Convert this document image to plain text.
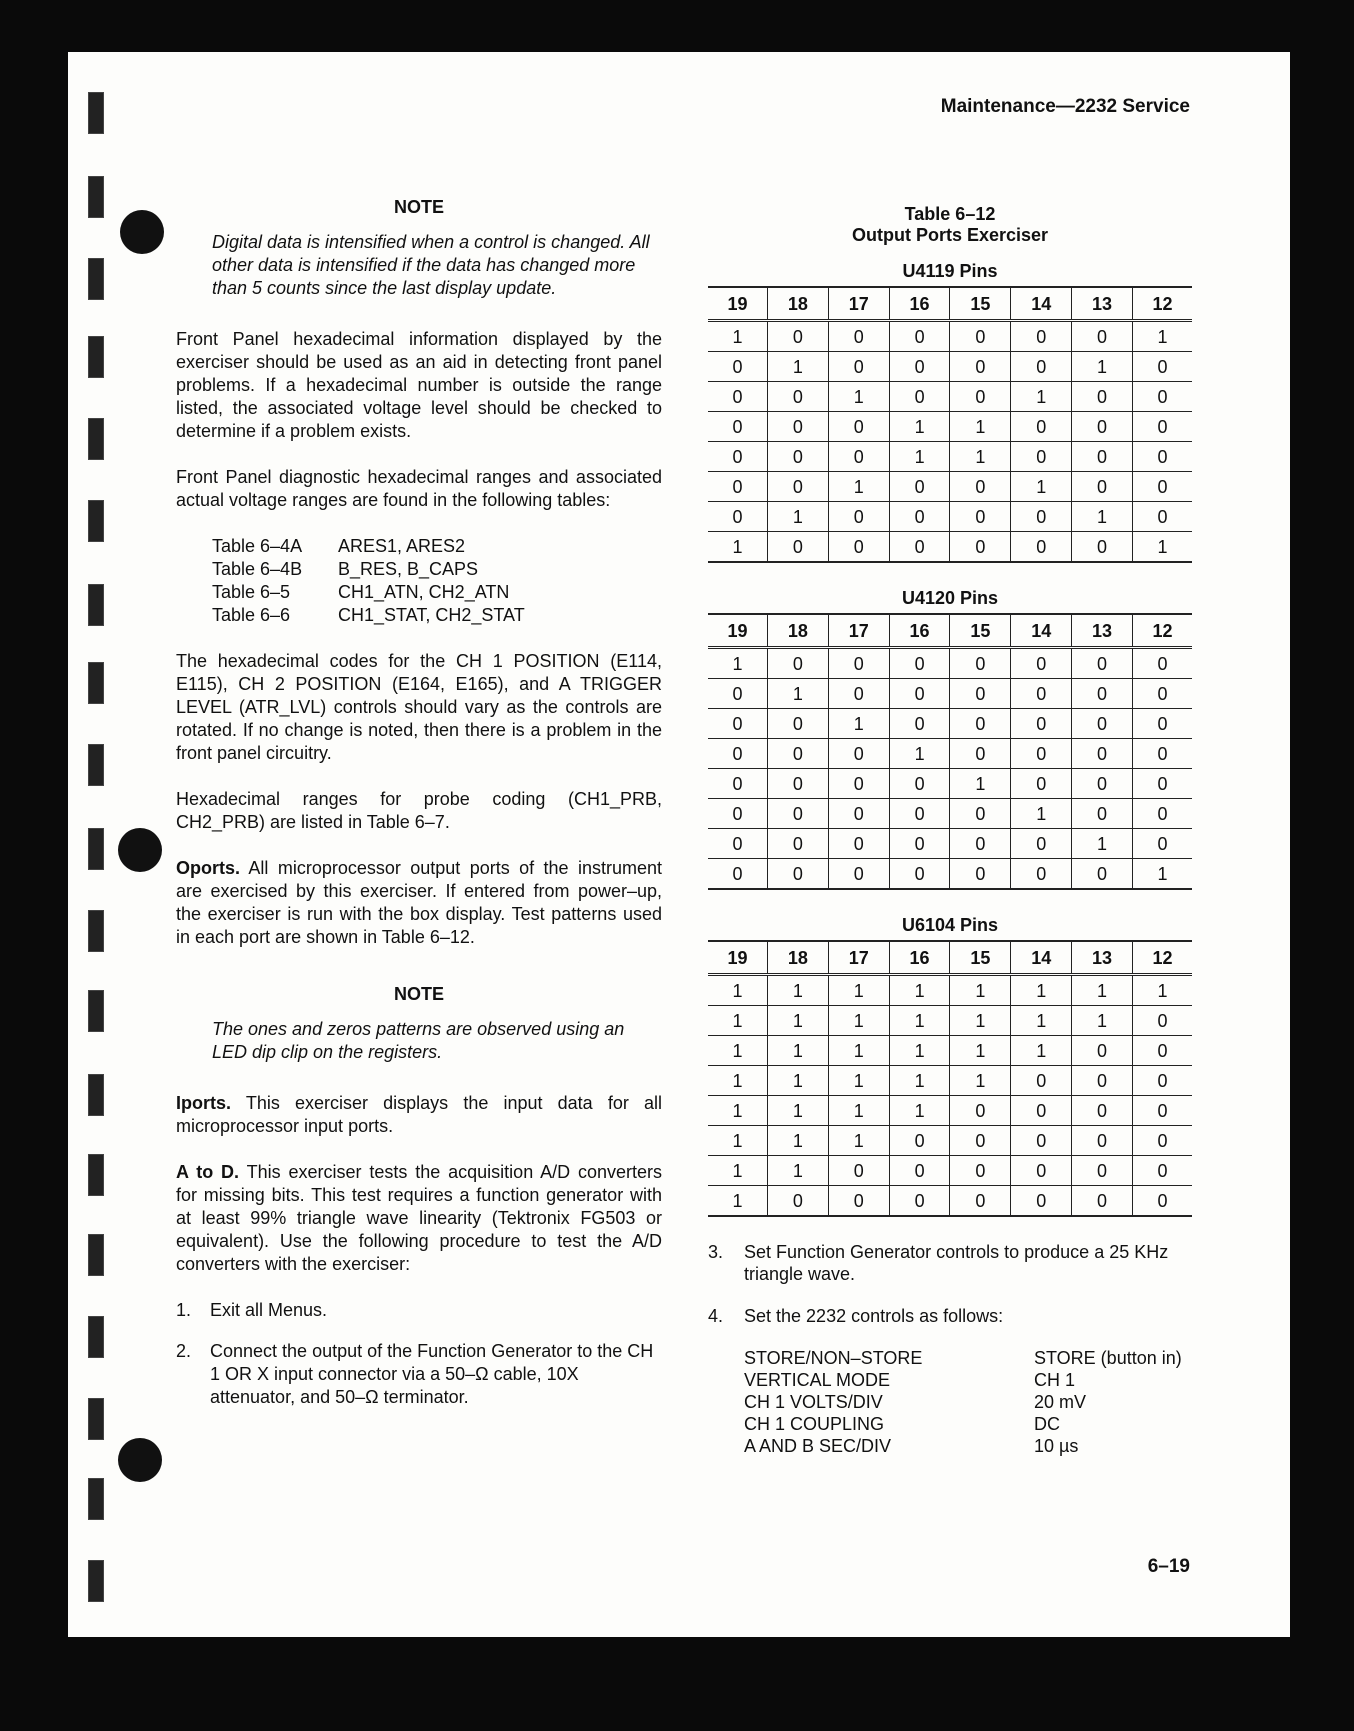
Maintenance—2232 Service
NOTE
Digital data is intensified when a control is changed. All other data is intensified if the data has changed more than 5 counts since the last display update.

Front Panel hexadecimal information displayed by the exerciser should be used as an aid in detecting front panel problems. If a hexadecimal number is outside the range listed, the associated voltage level should be checked to determine if a problem exists.

Front Panel diagnostic hexadecimal ranges and associated actual voltage ranges are found in the following tables:

Table 6–4A	ARES1, ARES2
Table 6–4B	B_RES, B_CAPS
Table 6–5	CH1_ATN, CH2_ATN
Table 6–6	CH1_STAT, CH2_STAT

The hexadecimal codes for the CH 1 POSITION (E114, E115), CH 2 POSITION (E164, E165), and A TRIGGER LEVEL (ATR_LVL) controls should vary as the controls are rotated. If no change is noted, then there is a problem in the front panel circuitry.

Hexadecimal ranges for probe coding (CH1_PRB, CH2_PRB) are listed in Table 6–7.

Oports. All microprocessor output ports of the instrument are exercised by this exerciser. If entered from power–up, the exerciser is run with the box display. Test patterns used in each port are shown in Table 6–12.

NOTE
The ones and zeros patterns are observed using an LED dip clip on the registers.

Iports. This exerciser displays the input data for all microprocessor input ports.

A to D. This exerciser tests the acquisition A/D converters for missing bits. This test requires a function generator with at least 99% triangle wave linearity (Tektronix FG503 or equivalent). Use the following procedure to test the A/D converters with the exerciser:

1.	Exit all Menus.
2.	Connect the output of the Function Generator to the CH 1 OR X input connector via a 50–Ω cable, 10X attenuator, and 50–Ω terminator.
Table 6–12
Output Ports Exerciser
U4119 Pins
19	18	17	16	15	14	13	12
1	0	0	0	0	0	0	1
0	1	0	0	0	0	1	0
0	0	1	0	0	1	0	0
0	0	0	1	1	0	0	0
0	0	0	1	1	0	0	0
0	0	1	0	0	1	0	0
0	1	0	0	0	0	1	0
1	0	0	0	0	0	0	1
U4120 Pins
19	18	17	16	15	14	13	12
1	0	0	0	0	0	0	0
0	1	0	0	0	0	0	0
0	0	1	0	0	0	0	0
0	0	0	1	0	0	0	0
0	0	0	0	1	0	0	0
0	0	0	0	0	1	0	0
0	0	0	0	0	0	1	0
0	0	0	0	0	0	0	1
U6104 Pins
19	18	17	16	15	14	13	12
1	1	1	1	1	1	1	1
1	1	1	1	1	1	1	0
1	1	1	1	1	1	0	0
1	1	1	1	1	0	0	0
1	1	1	1	0	0	0	0
1	1	1	0	0	0	0	0
1	1	0	0	0	0	0	0
1	0	0	0	0	0	0	0
3.	Set Function Generator controls to produce a 25 KHz triangle wave.
4.	Set the 2232 controls as follows:
STORE/NON–STORE	STORE (button in)
VERTICAL MODE	CH 1
CH 1 VOLTS/DIV	20 mV
CH 1 COUPLING	DC
A AND B SEC/DIV	10 µs
6–19
